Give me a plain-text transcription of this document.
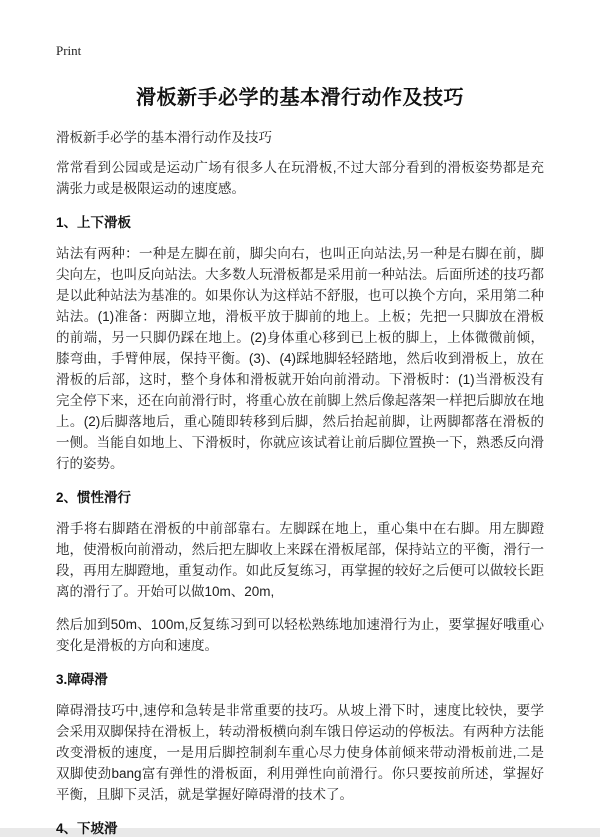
Print
滑板新手必学的基本滑行动作及技巧

滑板新手必学的基本滑行动作及技巧

常常看到公园或是运动广场有很多人在玩滑板,不过大部分看到的滑板姿势都是充满张力或是极限运动的速度感。

1、上下滑板

站法有两种：一种是左脚在前，脚尖向右，也叫正向站法,另一种是右脚在前，脚尖向左，也叫反向站法。大多数人玩滑板都是采用前一种站法。后面所述的技巧都是以此种站法为基准的。如果你认为这样站不舒服，也可以换个方向，采用第二种站法。(1)准备：两脚立地，滑板平放于脚前的地上。上板；先把一只脚放在滑板的前端，另一只脚仍踩在地上。(2)身体重心移到已上板的脚上，上体微微前倾，膝弯曲，手臂伸展，保持平衡。(3)、(4)踩地脚轻轻踏地，然后收到滑板上，放在滑板的后部，这时，整个身体和滑板就开始向前滑动。下滑板时：(1)当滑板没有完全停下来，还在向前滑行时，将重心放在前脚上然后像起落架一样把后脚放在地上。(2)后脚落地后，重心随即转移到后脚，然后抬起前脚，让两脚都落在滑板的一侧。当能自如地上、下滑板时，你就应该试着让前后脚位置换一下，熟悉反向滑行的姿势。

2、惯性滑行

滑手将右脚踏在滑板的中前部靠右。左脚踩在地上，重心集中在右脚。用左脚蹬地，使滑板向前滑动，然后把左脚收上来踩在滑板尾部，保持站立的平衡，滑行一段，再用左脚蹬地，重复动作。如此反复练习，再掌握的较好之后便可以做较长距离的滑行了。开始可以做10m、20m,

然后加到50m、100m,反复练习到可以轻松熟练地加速滑行为止，要掌握好哦重心变化是滑板的方向和速度。

3.障碍滑

障碍滑技巧中,速停和急转是非常重要的技巧。从坡上滑下时，速度比较快，要学会采用双脚保持在滑板上，转动滑板横向刹车饿日停运动的停板法。有两种方法能改变滑板的速度，一是用后脚控制刹车重心尽力使身体前倾来带动滑板前进,二是双脚使劲bang富有弹性的滑板面，利用弹性向前滑行。你只要按前所述，掌握好平衡，且脚下灵活，就是掌握好障碍滑的技术了。

4、下坡滑
